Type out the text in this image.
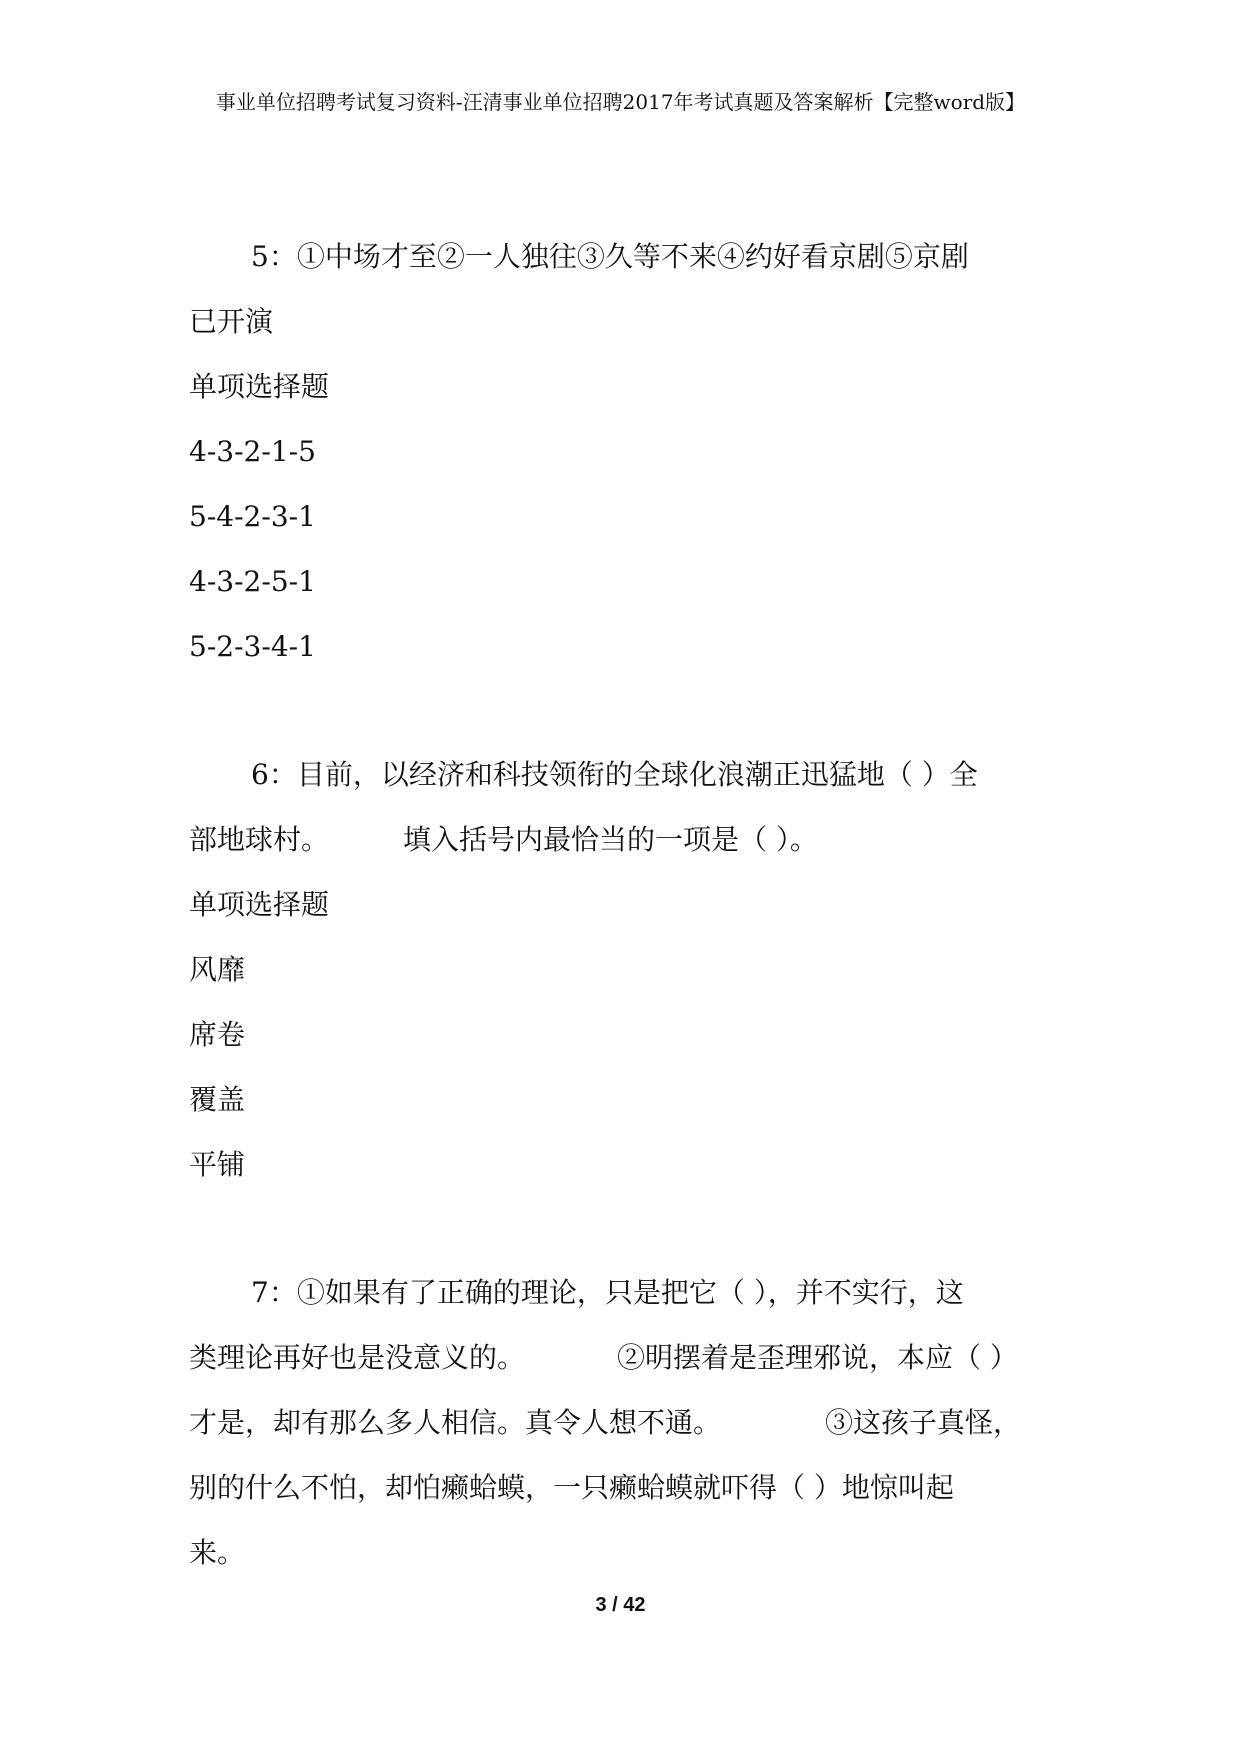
事业单位招聘考试复习资料-汪清事业单位招聘2017年考试真题及答案解析【完整word版】

5：①中场才至②一人独往③久等不来④约好看京剧⑤京剧

已开演

单项选择题

4-3-2-1-5

5-4-2-3-1

4-3-2-5-1

5-2-3-4-1

6：目前，以经济和科技领衔的全球化浪潮正迅猛地（ ）全

部地球村。	填入括号内最恰当的一项是（ ）。

单项选择题

风靡

席卷

覆盖

平铺

7：①如果有了正确的理论，只是把它（ ），并不实行，这

类理论再好也是没意义的。	②明摆着是歪理邪说，本应（ ）

才是，却有那么多人相信。真令人想不通。	③这孩子真怪，

别的什么不怕，却怕癞蛤蟆，一只癞蛤蟆就吓得（ ）地惊叫起

来。

3 / 42
